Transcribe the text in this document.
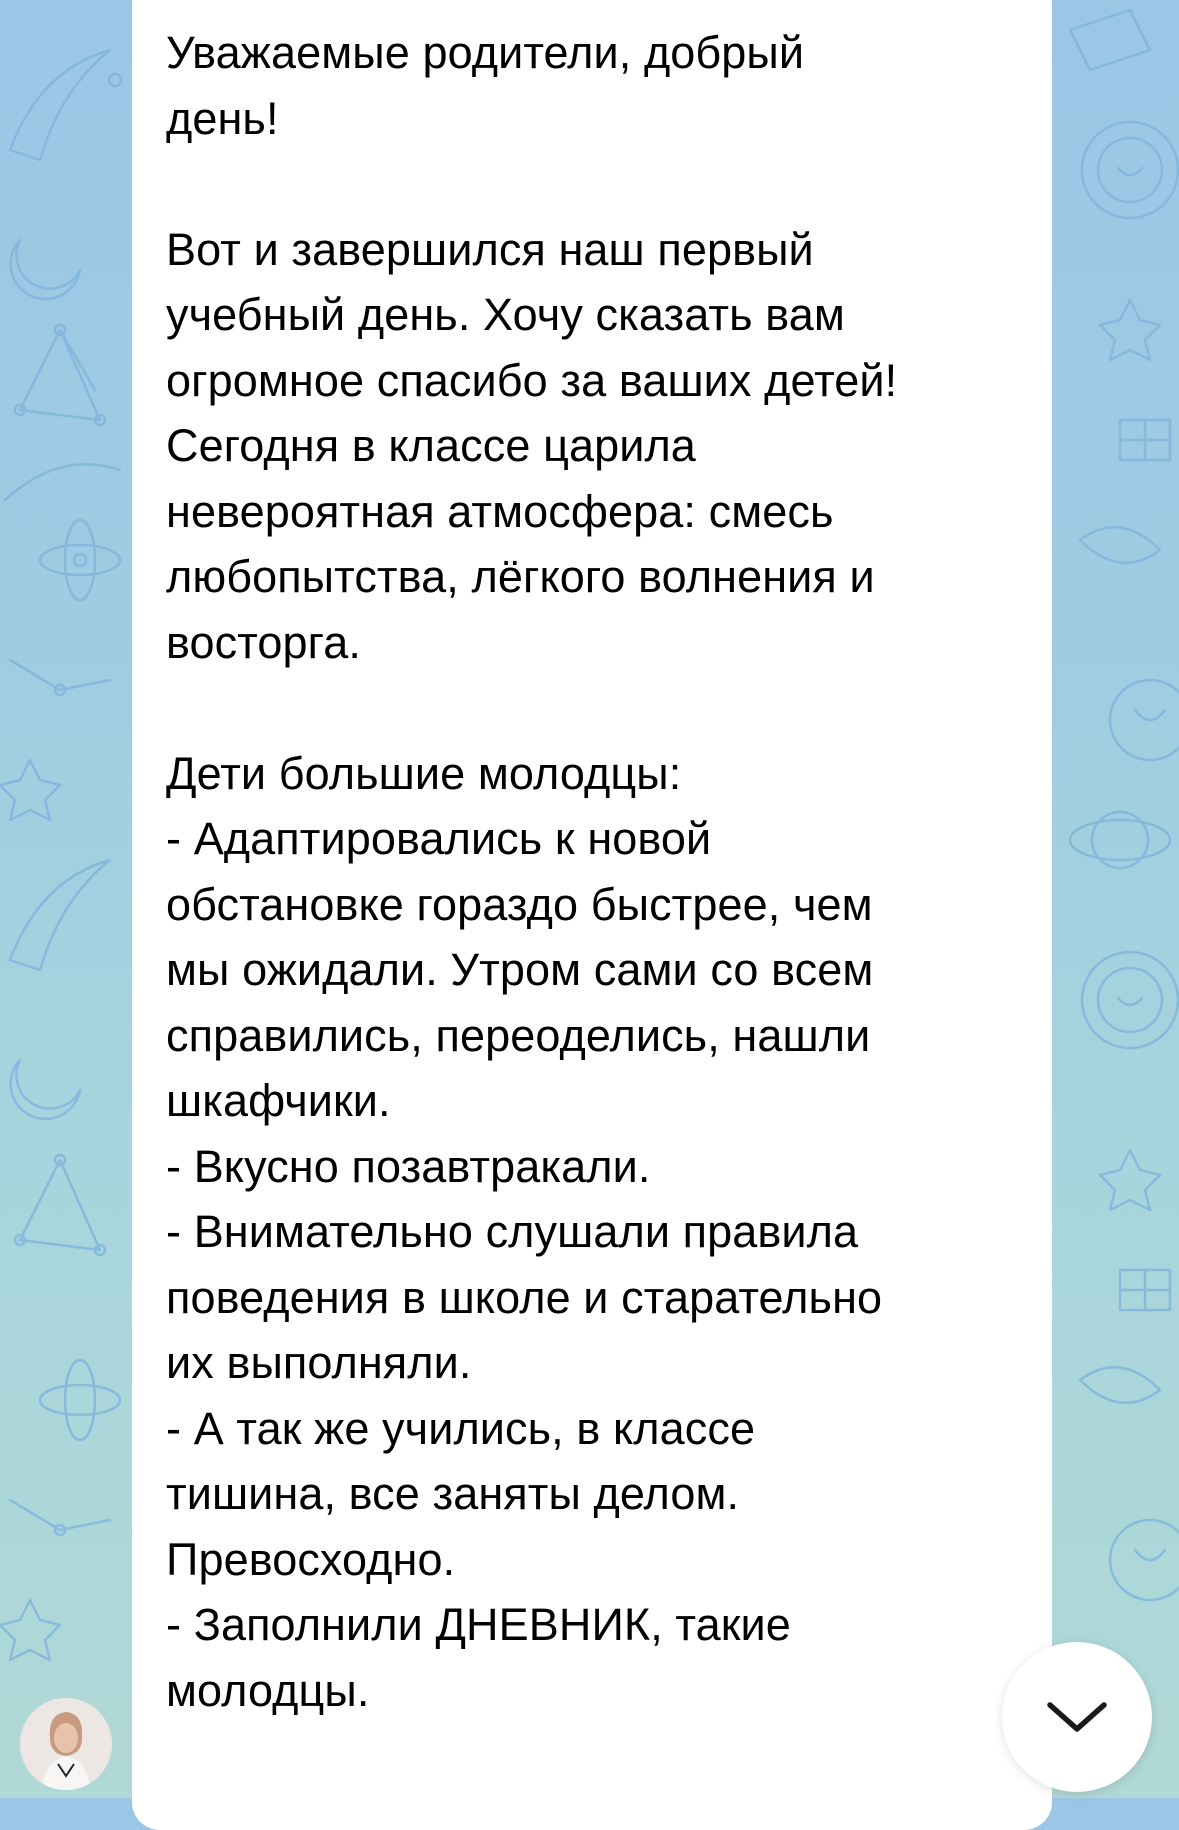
Уважаемые родители, добрый
день!

Вот и завершился наш первый
учебный день. Хочу сказать вам
огромное спасибо за ваших детей!
Сегодня в классе царила
невероятная атмосфера: смесь
любопытства, лёгкого волнения и
восторга.

Дети большие молодцы:
- Адаптировались к новой
обстановке гораздо быстрее, чем
мы ожидали. Утром сами со всем
справились, переоделись, нашли
шкафчики.
- Вкусно позавтракали.
- Внимательно слушали правила
поведения в школе и старательно
их выполняли.
- А так же учились, в классе
тишина, все заняты делом.
Превосходно.
- Заполнили ДНЕВНИК, такие
молодцы.
